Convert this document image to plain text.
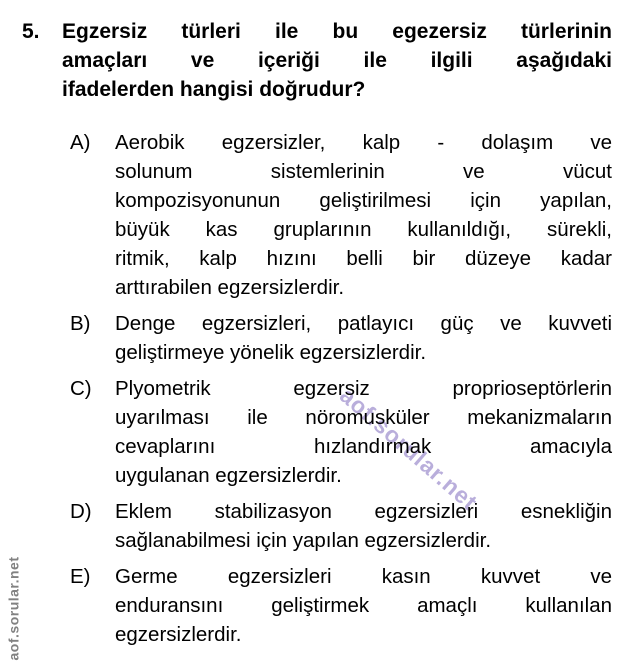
aof.sorular.net
aof.sorular.net
5.	Egzersiz türleri ile bu egezersiz türlerinin
amaçları ve içeriği ile ilgili aşağıdaki
ifadelerden hangisi doğrudur?
A)	Aerobik egzersizler, kalp - dolaşım ve
solunum sistemlerinin ve vücut
kompozisyonunun geliştirilmesi için yapılan,
büyük kas gruplarının kullanıldığı, sürekli,
ritmik, kalp hızını belli bir düzeye kadar
arttırabilen egzersizlerdir.
B)	Denge egzersizleri, patlayıcı güç ve kuvveti
geliştirmeye yönelik egzersizlerdir.
C)	Plyometrik egzersiz proprioseptörlerin
uyarılması ile nöromusküler mekanizmaların
cevaplarını hızlandırmak amacıyla
uygulanan egzersizlerdir.
D)	Eklem stabilizasyon egzersizleri esnekliğin
sağlanabilmesi için yapılan egzersizlerdir.
E)	Germe egzersizleri kasın kuvvet ve
enduransını geliştirmek amaçlı kullanılan
egzersizlerdir.
